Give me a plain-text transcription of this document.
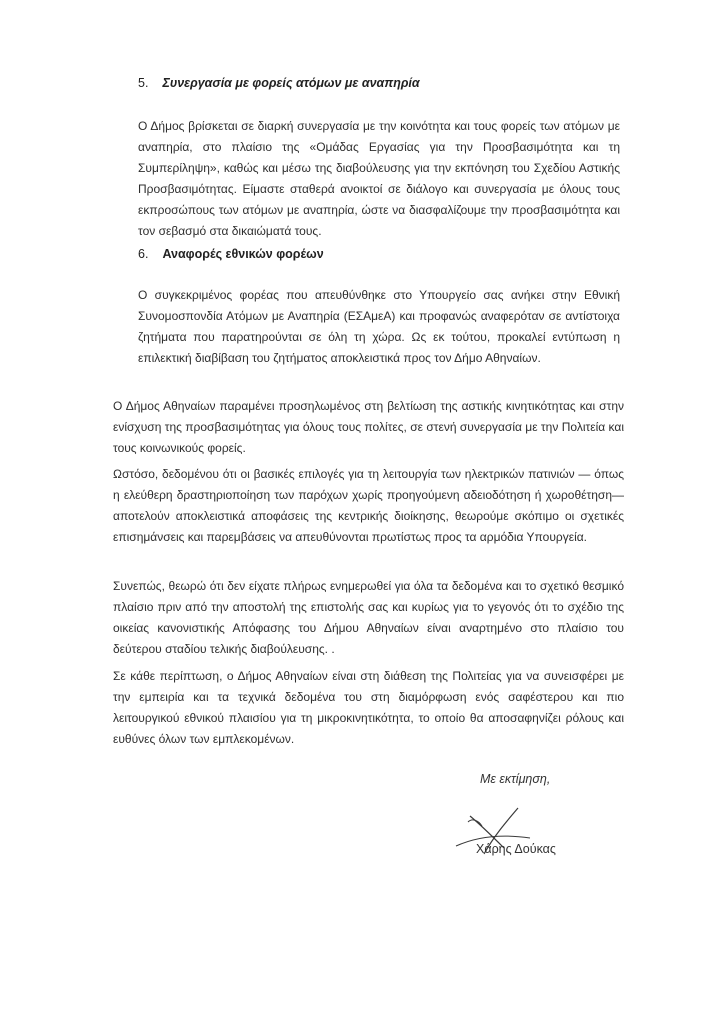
5. Συνεργασία με φορείς ατόμων με αναπηρία
Ο Δήμος βρίσκεται σε διαρκή συνεργασία με την κοινότητα και τους φορείς των ατόμων με αναπηρία, στο πλαίσιο της «Ομάδας Εργασίας για την Προσβασιμότητα και τη Συμπερίληψη», καθώς και μέσω της διαβούλευσης για την εκπόνηση του Σχεδίου Αστικής Προσβασιμότητας. Είμαστε σταθερά ανοικτοί σε διάλογο και συνεργασία με όλους τους εκπροσώπους των ατόμων με αναπηρία, ώστε να διασφαλίζουμε την προσβασιμότητα και τον σεβασμό στα δικαιώματά τους.
6. Αναφορές εθνικών φορέων
Ο συγκεκριμένος φορέας που απευθύνθηκε στο Υπουργείο σας ανήκει στην Εθνική Συνομοσπονδία Ατόμων με Αναπηρία (ΕΣΑμεΑ) και προφανώς αναφερόταν σε αντίστοιχα ζητήματα που παρατηρούνται σε όλη τη χώρα. Ως εκ τούτου, προκαλεί εντύπωση η επιλεκτική διαβίβαση του ζητήματος αποκλειστικά προς τον Δήμο Αθηναίων.
Ο Δήμος Αθηναίων παραμένει προσηλωμένος στη βελτίωση της αστικής κινητικότητας και στην ενίσχυση της προσβασιμότητας για όλους τους πολίτες, σε στενή συνεργασία με την Πολιτεία και τους κοινωνικούς φορείς.
Ωστόσο, δεδομένου ότι οι βασικές επιλογές για τη λειτουργία των ηλεκτρικών πατινιών — όπως η ελεύθερη δραστηριοποίηση των παρόχων χωρίς προηγούμενη αδειοδότηση ή χωροθέτηση— αποτελούν αποκλειστικά αποφάσεις της κεντρικής διοίκησης, θεωρούμε σκόπιμο οι σχετικές επισημάνσεις και παρεμβάσεις να απευθύνονται πρωτίστως προς τα αρμόδια Υπουργεία.
Συνεπώς, θεωρώ ότι δεν είχατε πλήρως ενημερωθεί για όλα τα δεδομένα και το σχετικό θεσμικό πλαίσιο πριν από την αποστολή της επιστολής σας και κυρίως για το γεγονός ότι το σχέδιο της οικείας κανονιστικής Απόφασης του Δήμου Αθηναίων είναι αναρτημένο στο πλαίσιο του δεύτερου σταδίου τελικής διαβούλευσης. .
Σε κάθε περίπτωση, ο Δήμος Αθηναίων είναι στη διάθεση της Πολιτείας για να συνεισφέρει με την εμπειρία και τα τεχνικά δεδομένα του στη διαμόρφωση ενός σαφέστερου και πιο λειτουργικού εθνικού πλαισίου για τη μικροκινητικότητα, το οποίο θα αποσαφηνίζει ρόλους και ευθύνες όλων των εμπλεκομένων.
Με εκτίμηση,
Χάρης Δούκας
